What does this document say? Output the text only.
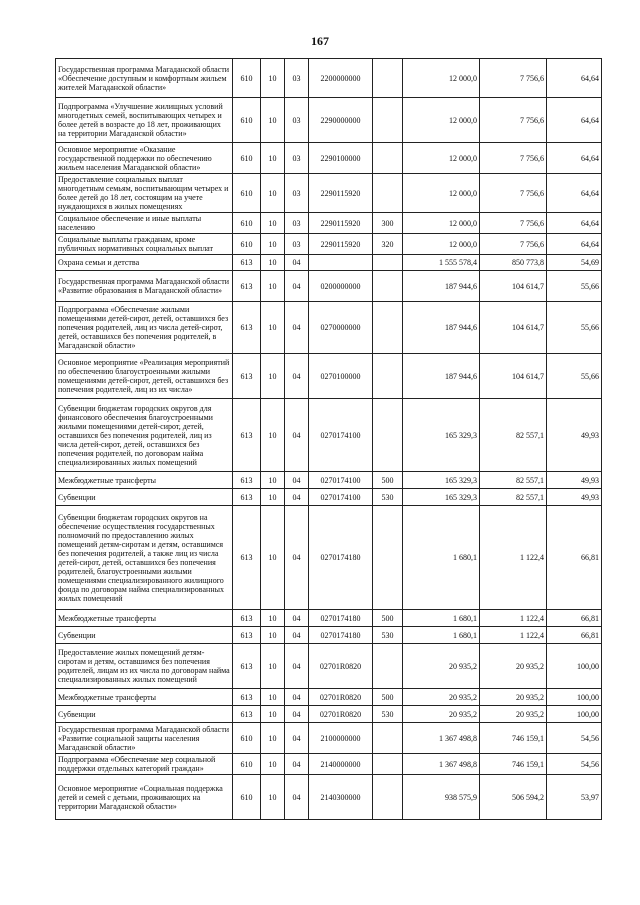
167
Государственная программа Магаданской области «Обеспечение доступным и комфортным жильем жителей Магаданской области»	610	10	03	2200000000		12 000,0	7 756,6	64,64
Подпрограмма «Улучшение жилищных условий многодетных семей, воспитывающих четырех и более детей в возрасте до 18 лет, проживающих на территории Магаданской области»	610	10	03	2290000000		12 000,0	7 756,6	64,64
Основное мероприятие «Оказание государственной поддержки по обеспечению жильем населения Магаданской области»	610	10	03	2290100000		12 000,0	7 756,6	64,64
Предоставление социальных выплат многодетным семьям, воспитывающим четырех и более детей до 18 лет, состоящим на учете нуждающихся в жилых помещениях	610	10	03	2290115920		12 000,0	7 756,6	64,64
Социальное обеспечение и иные выплаты населению	610	10	03	2290115920	300	12 000,0	7 756,6	64,64
Социальные выплаты гражданам, кроме публичных нормативных социальных выплат	610	10	03	2290115920	320	12 000,0	7 756,6	64,64
Охрана семьи и детства	613	10	04			1 555 578,4	850 773,8	54,69
Государственная программа Магаданской области «Развитие образования в Магаданской области»	613	10	04	0200000000		187 944,6	104 614,7	55,66
Подпрограмма «Обеспечение жилыми помещениями детей-сирот, детей, оставшихся без попечения родителей, лиц из числа детей-сирот, детей, оставшихся без попечения родителей, в Магаданской области»	613	10	04	0270000000		187 944,6	104 614,7	55,66
Основное мероприятие «Реализация мероприятий по обеспечению благоустроенными жилыми помещениями детей-сирот, детей, оставшихся без попечения родителей, лиц из их числа»	613	10	04	0270100000		187 944,6	104 614,7	55,66
Субвенции бюджетам городских округов для финансового обеспечения благоустроенными жилыми помещениями детей-сирот, детей, оставшихся без попечения родителей, лиц из числа детей-сирот, детей, оставшихся без попечения родителей, по договорам найма специализированных жилых помещений	613	10	04	0270174100		165 329,3	82 557,1	49,93
Межбюджетные трансферты	613	10	04	0270174100	500	165 329,3	82 557,1	49,93
Субвенции	613	10	04	0270174100	530	165 329,3	82 557,1	49,93
Субвенции бюджетам городских округов на обеспечение осуществления государственных полномочий по предоставлению жилых помещений детям-сиротам и детям, оставшимся без попечения родителей, а также лиц из числа детей-сирот, детей, оставшихся без попечения родителей, благоустроенными жилыми помещениями специализированного жилищного фонда по договорам найма специализированных жилых помещений	613	10	04	0270174180		1 680,1	1 122,4	66,81
Межбюджетные трансферты	613	10	04	0270174180	500	1 680,1	1 122,4	66,81
Субвенции	613	10	04	0270174180	530	1 680,1	1 122,4	66,81
Предоставление жилых помещений детям-сиротам и детям, оставшимся без попечения родителей, лицам из их числа по договорам найма специализированных жилых помещений	613	10	04	02701R0820		20 935,2	20 935,2	100,00
Межбюджетные трансферты	613	10	04	02701R0820	500	20 935,2	20 935,2	100,00
Субвенции	613	10	04	02701R0820	530	20 935,2	20 935,2	100,00
Государственная программа Магаданской области «Развитие социальной защиты населения Магаданской области»	610	10	04	2100000000		1 367 498,8	746 159,1	54,56
Подпрограмма «Обеспечение мер социальной поддержки отдельных категорий граждан»	610	10	04	2140000000		1 367 498,8	746 159,1	54,56
Основное мероприятие «Социальная поддержка детей и семей с детьми, проживающих на территории Магаданской области»	610	10	04	2140300000		938 575,9	506 594,2	53,97
